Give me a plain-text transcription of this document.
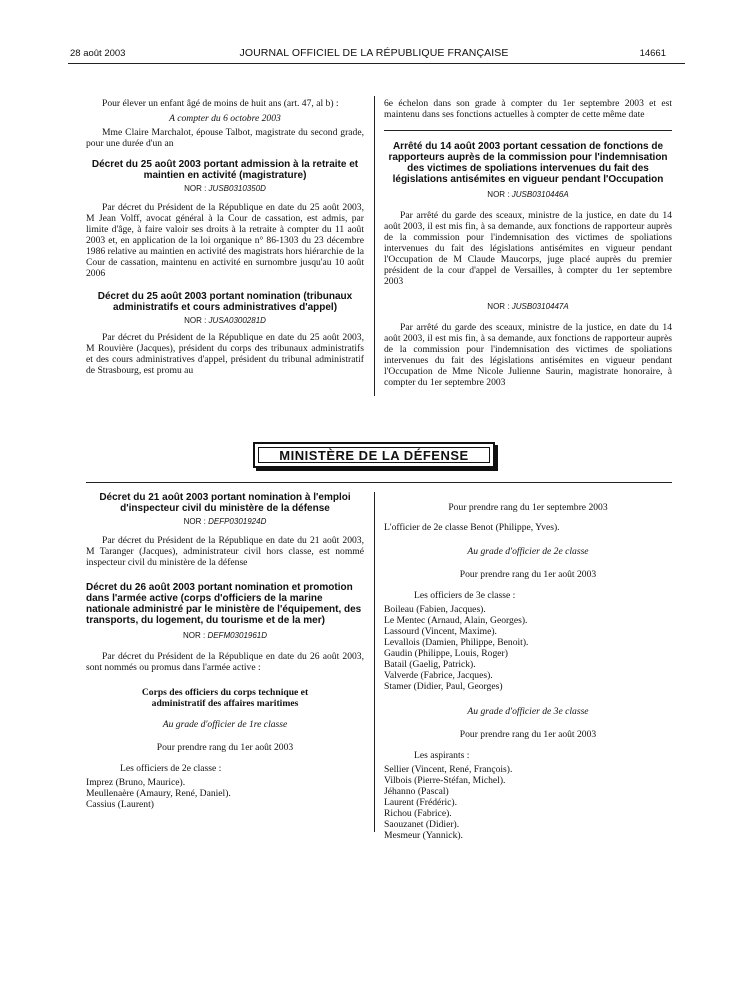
28 août 2003	JOURNAL OFFICIEL DE LA RÉPUBLIQUE FRANÇAISE	14661

Pour élever un enfant âgé de moins de huit ans (art. 47, al b) :

A compter du 6 octobre 2003

Mme Claire Marchalot, épouse Talbot, magistrate du second grade, pour une durée d'un an

Décret du 25 août 2003 portant admission à la retraite et maintien en activité (magistrature)

NOR : JUSB0310350D

Par décret du Président de la République en date du 25 août 2003, M Jean Volff, avocat général à la Cour de cassation, est admis, par limite d'âge, à faire valoir ses droits à la retraite à compter du 11 août 2003 et, en application de la loi organique n° 86-1303 du 23 décembre 1986 relative au maintien en activité des magistrats hors hiérarchie de la Cour de cassation, maintenu en activité en surnombre jusqu'au 10 août 2006

Décret du 25 août 2003 portant nomination (tribunaux administratifs et cours administratives d'appel)

NOR : JUSA0300281D

Par décret du Président de la République en date du 25 août 2003, M Rouvière (Jacques), président du corps des tribunaux administratifs et des cours administratives d'appel, président du tribunal administratif de Strasbourg, est promu au

6e échelon dans son grade à compter du 1er septembre 2003 et est maintenu dans ses fonctions actuelles à compter de cette même date

Arrêté du 14 août 2003 portant cessation de fonctions de rapporteurs auprès de la commission pour l'indemnisation des victimes de spoliations intervenues du fait des législations antisémites en vigueur pendant l'Occupation

NOR : JUSB0310446A

Par arrêté du garde des sceaux, ministre de la justice, en date du 14 août 2003, il est mis fin, à sa demande, aux fonctions de rapporteur auprès de la commission pour l'indemnisation des victimes de spoliations intervenues du fait des législations antisémites en vigueur pendant l'Occupation de M Claude Maucorps, juge placé auprès du premier président de la cour d'appel de Versailles, à compter du 1er septembre 2003

NOR : JUSB0310447A

Par arrêté du garde des sceaux, ministre de la justice, en date du 14 août 2003, il est mis fin, à sa demande, aux fonctions de rapporteur auprès de la commission pour l'indemnisation des victimes de spoliations intervenues du fait des législations antisémites en vigueur pendant l'Occupation de Mme Nicole Julienne Saurin, magistrate honoraire, à compter du 1er septembre 2003

MINISTÈRE DE LA DÉFENSE

Décret du 21 août 2003 portant nomination à l'emploi d'inspecteur civil du ministère de la défense

NOR : DEFP0301924D

Par décret du Président de la République en date du 21 août 2003, M Taranger (Jacques), administrateur civil hors classe, est nommé inspecteur civil du ministère de la défense

Décret du 26 août 2003 portant nomination et promotion dans l'armée active (corps d'officiers de la marine nationale administré par le ministère de l'équipement, des transports, du logement, du tourisme et de la mer)

NOR : DEFM0301961D

Par décret du Président de la République en date du 26 août 2003, sont nommés ou promus dans l'armée active :

Corps des officiers du corps technique et administratif des affaires maritimes

Au grade d'officier de 1re classe

Pour prendre rang du 1er août 2003

Les officiers de 2e classe :

Imprez (Bruno, Maurice).
Meullenaère (Amaury, René, Daniel).
Cassius (Laurent)

Pour prendre rang du 1er septembre 2003

L'officier de 2e classe Benot (Philippe, Yves).

Au grade d'officier de 2e classe

Pour prendre rang du 1er août 2003

Les officiers de 3e classe :

Boileau (Fabien, Jacques).
Le Mentec (Arnaud, Alain, Georges).
Lassourd (Vincent, Maxime).
Levallois (Damien, Philippe, Benoit).
Gaudin (Philippe, Louis, Roger)
Batail (Gaelig, Patrick).
Valverde (Fabrice, Jacques).
Stamer (Didier, Paul, Georges)

Au grade d'officier de 3e classe

Pour prendre rang du 1er août 2003

Les aspirants :

Sellier (Vincent, René, François).
Vilbois (Pierre-Stéfan, Michel).
Jéhanno (Pascal)
Laurent (Frédéric).
Richou (Fabrice).
Saouzanet (Didier).
Mesmeur (Yannick).
